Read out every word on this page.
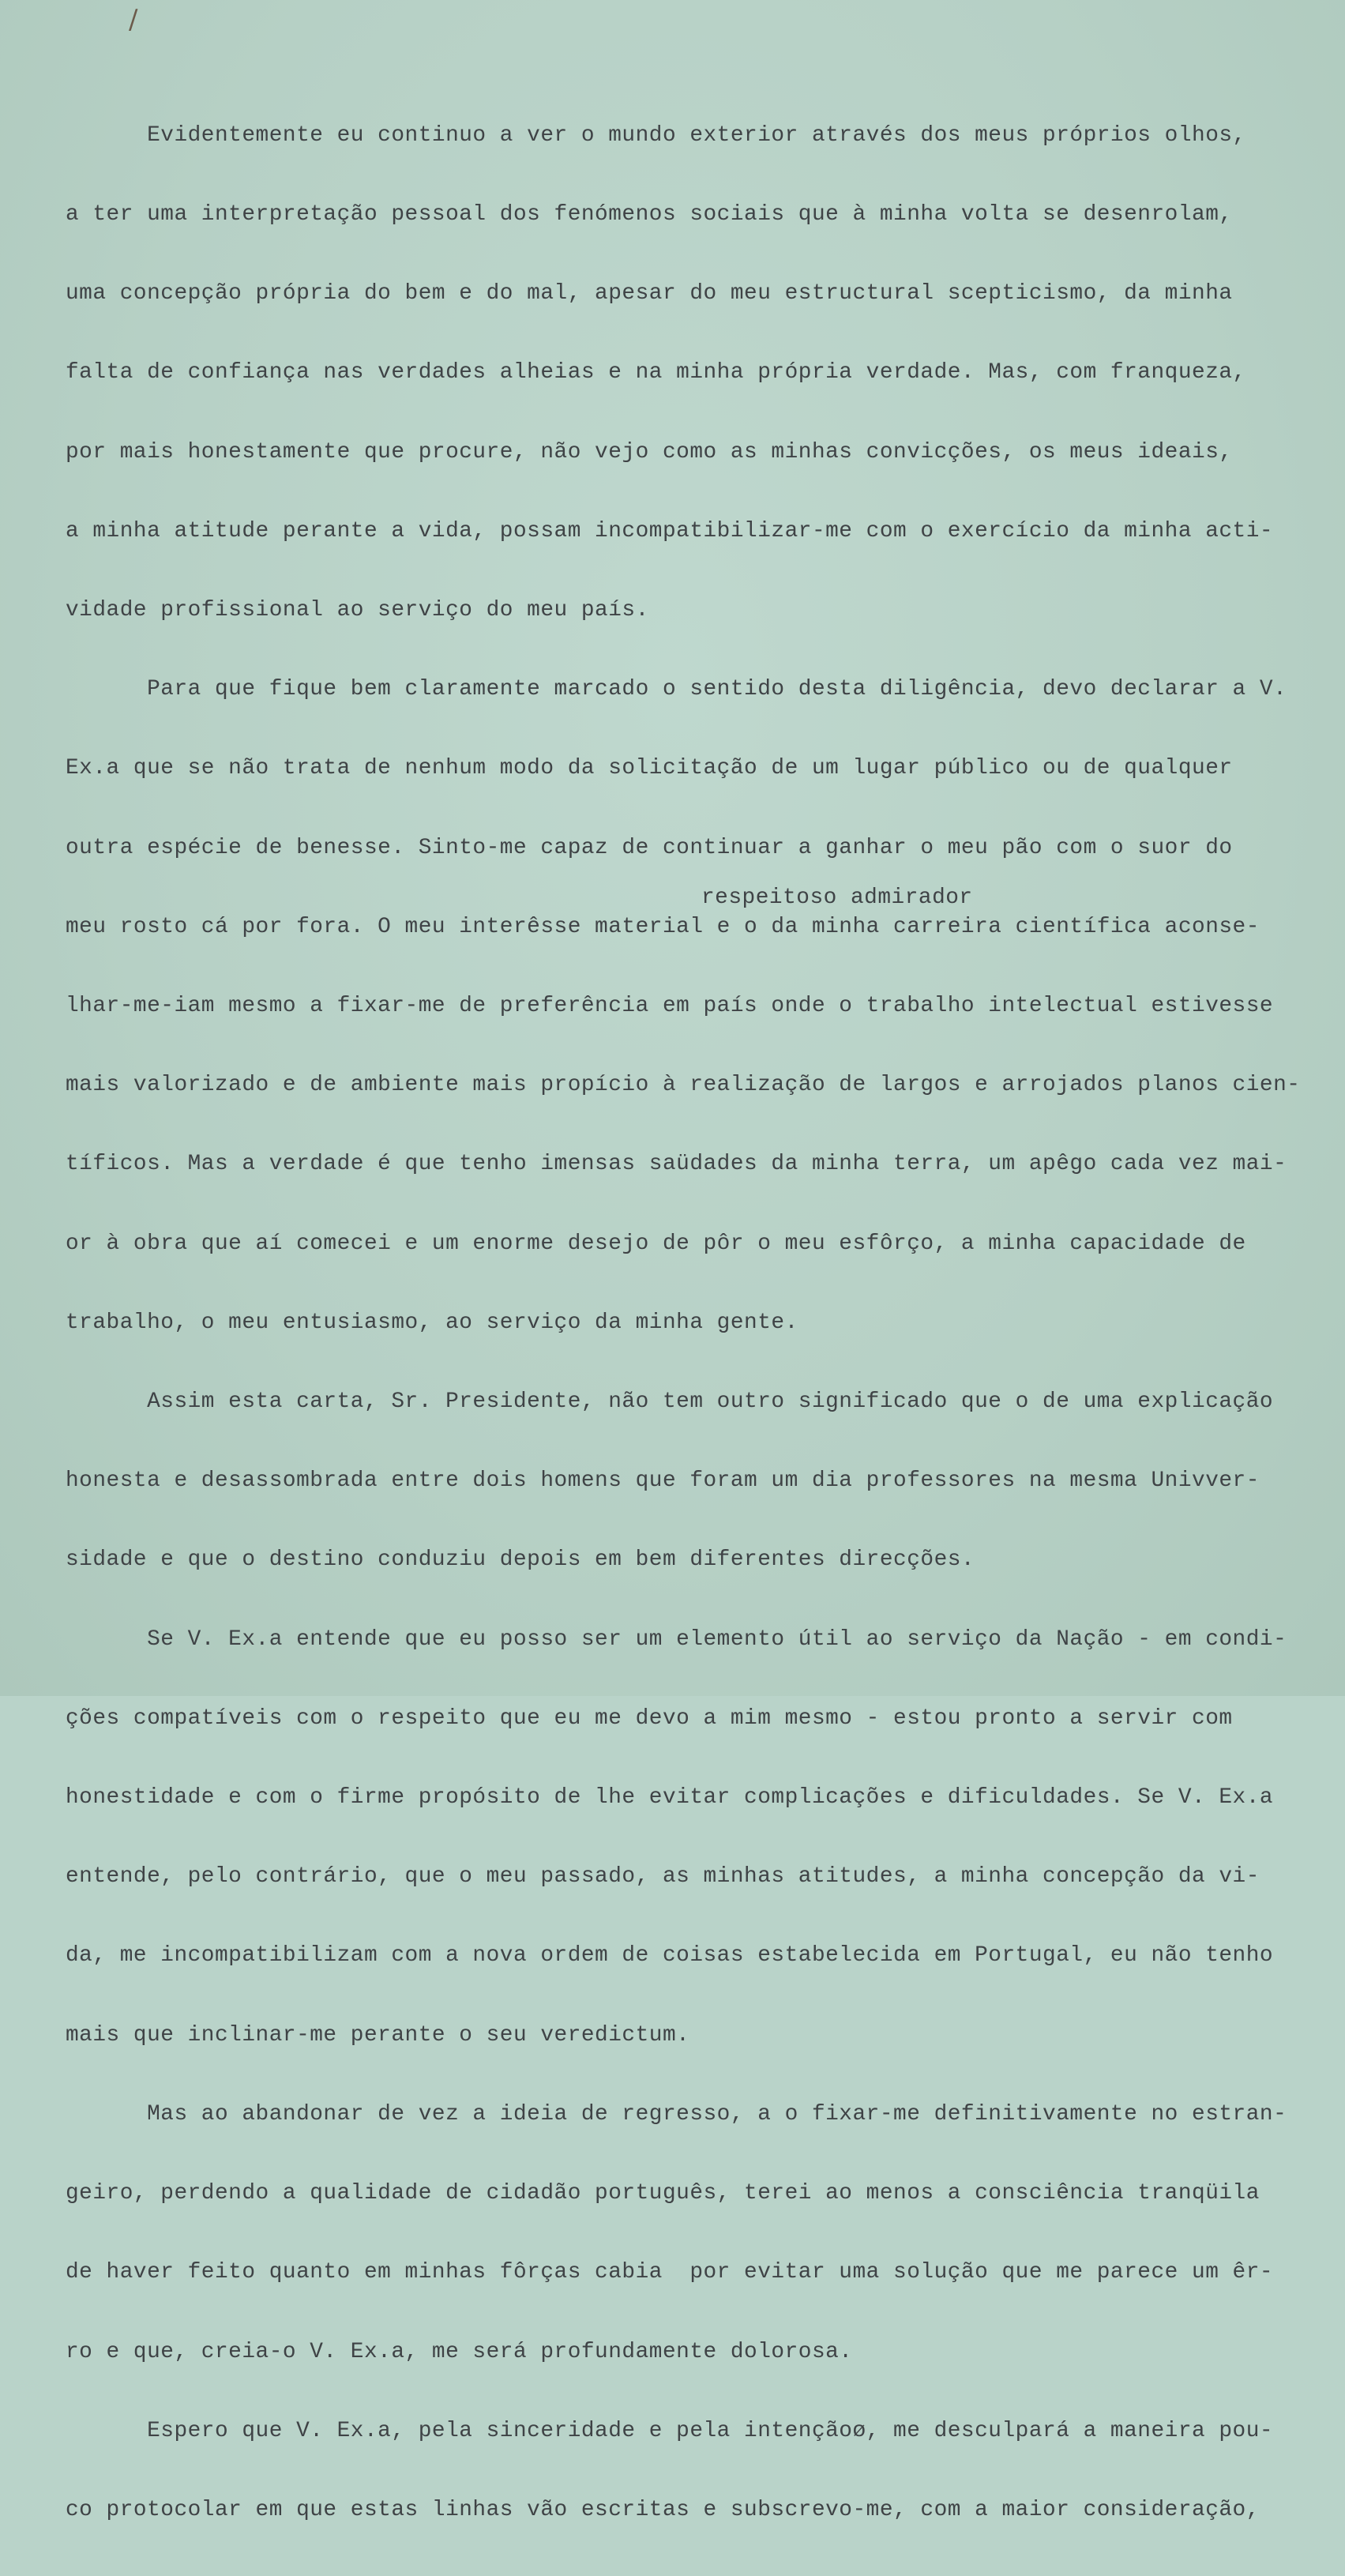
/

Evidentemente eu continuo a ver o mundo exterior através dos meus próprios olhos,

a ter uma interpretação pessoal dos fenómenos sociais que à minha volta se desenrolam,

uma concepção própria do bem e do mal, apesar do meu estructural scepticismo, da minha

falta de confiança nas verdades alheias e na minha própria verdade. Mas, com franqueza,

por mais honestamente que procure, não vejo como as minhas convicções, os meus ideais,

a minha atitude perante a vida, possam incompatibilizar-me com o exercício da minha acti-

vidade profissional ao serviço do meu país.

Para que fique bem claramente marcado o sentido desta diligência, devo declarar a V.

Ex.a que se não trata de nenhum modo da solicitação de um lugar público ou de qualquer

outra espécie de benesse. Sinto-me capaz de continuar a ganhar o meu pão com o suor do

meu rosto cá por fora. O meu interêsse material e o da minha carreira científica aconse-

lhar-me-iam mesmo a fixar-me de preferência em país onde o trabalho intelectual estivesse

mais valorizado e de ambiente mais propício à realização de largos e arrojados planos cien-

tíficos. Mas a verdade é que tenho imensas saüdades da minha terra, um apêgo cada vez mai-

or à obra que aí comecei e um enorme desejo de pôr o meu esfôrço, a minha capacidade de

trabalho, o meu entusiasmo, ao serviço da minha gente.

Assim esta carta, Sr. Presidente, não tem outro significado que o de uma explicação

honesta e desassombrada entre dois homens que foram um dia professores na mesma Univver-

sidade e que o destino conduziu depois em bem diferentes direcções.

Se V. Ex.a entende que eu posso ser um elemento útil ao serviço da Nação - em condi-

ções compatíveis com o respeito que eu me devo a mim mesmo - estou pronto a servir com

honestidade e com o firme propósito de lhe evitar complicações e dificuldades. Se V. Ex.a

entende, pelo contrário, que o meu passado, as minhas atitudes, a minha concepção da vi-

da, me incompatibilizam com a nova ordem de coisas estabelecida em Portugal, eu não tenho

mais que inclinar-me perante o seu veredictum.

Mas ao abandonar de vez a ideia de regresso, a o fixar-me definitivamente no estran-

geiro, perdendo a qualidade de cidadão português, terei ao menos a consciência tranqüila

de haver feito quanto em minhas fôrças cabia  por evitar uma solução que me parece um êr-

ro e que, creia-o V. Ex.a, me será profundamente dolorosa.

Espero que V. Ex.a, pela sinceridade e pela intençãoø, me desculpará a maneira pou-

co protocolar em que estas linhas vão escritas e subscrevo-me, com a maior consideração,

respeitoso admirador
